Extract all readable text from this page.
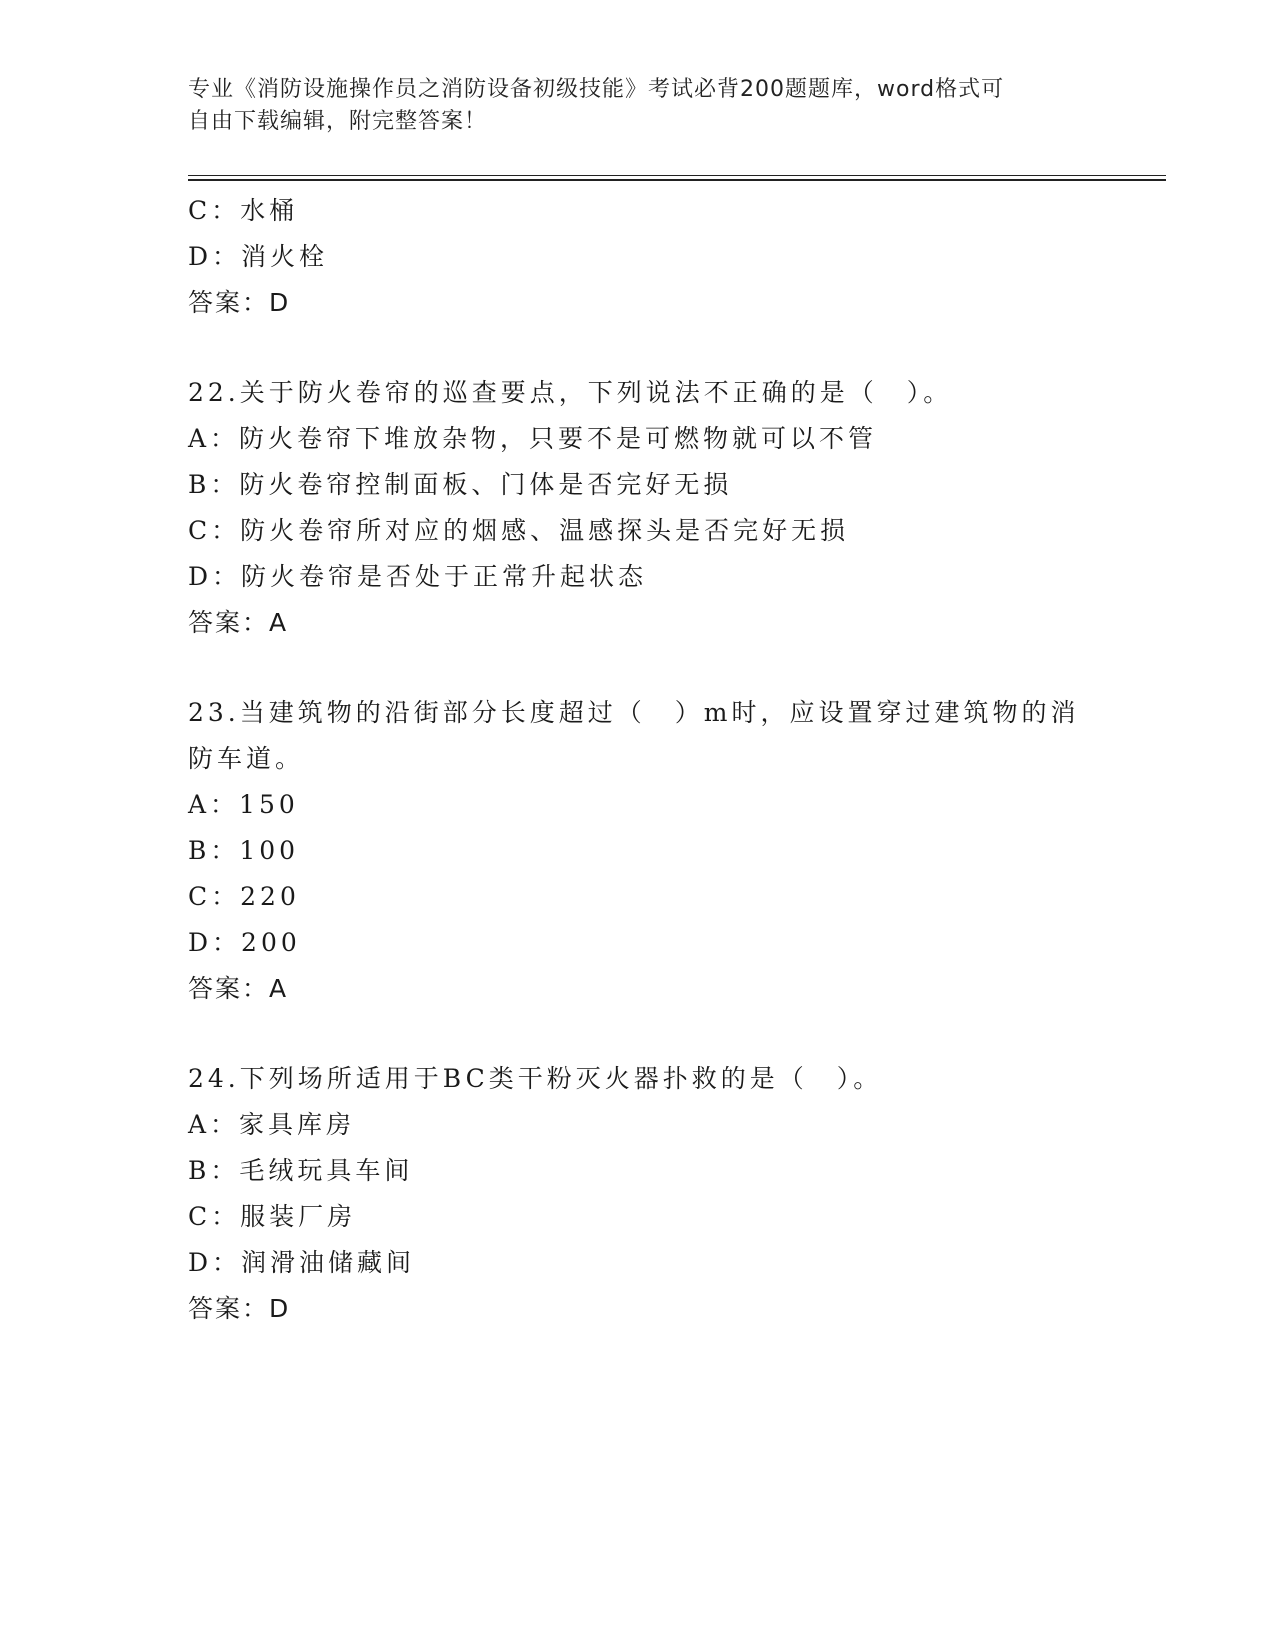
专业《消防设施操作员之消防设备初级技能》考试必背200题题库，word格式可
自由下载编辑，附完整答案！
C：水桶
D：消火栓
答案：D
22.关于防火卷帘的巡查要点，下列说法不正确的是（　）。
A：防火卷帘下堆放杂物，只要不是可燃物就可以不管
B：防火卷帘控制面板、门体是否完好无损
C：防火卷帘所对应的烟感、温感探头是否完好无损
D：防火卷帘是否处于正常升起状态
答案：A
23.当建筑物的沿街部分长度超过（　）m时，应设置穿过建筑物的消
防车道。
A：150
B：100
C：220
D：200
答案：A
24.下列场所适用于BC类干粉灭火器扑救的是（　）。
A：家具库房
B：毛绒玩具车间
C：服装厂房
D：润滑油储藏间
答案：D
